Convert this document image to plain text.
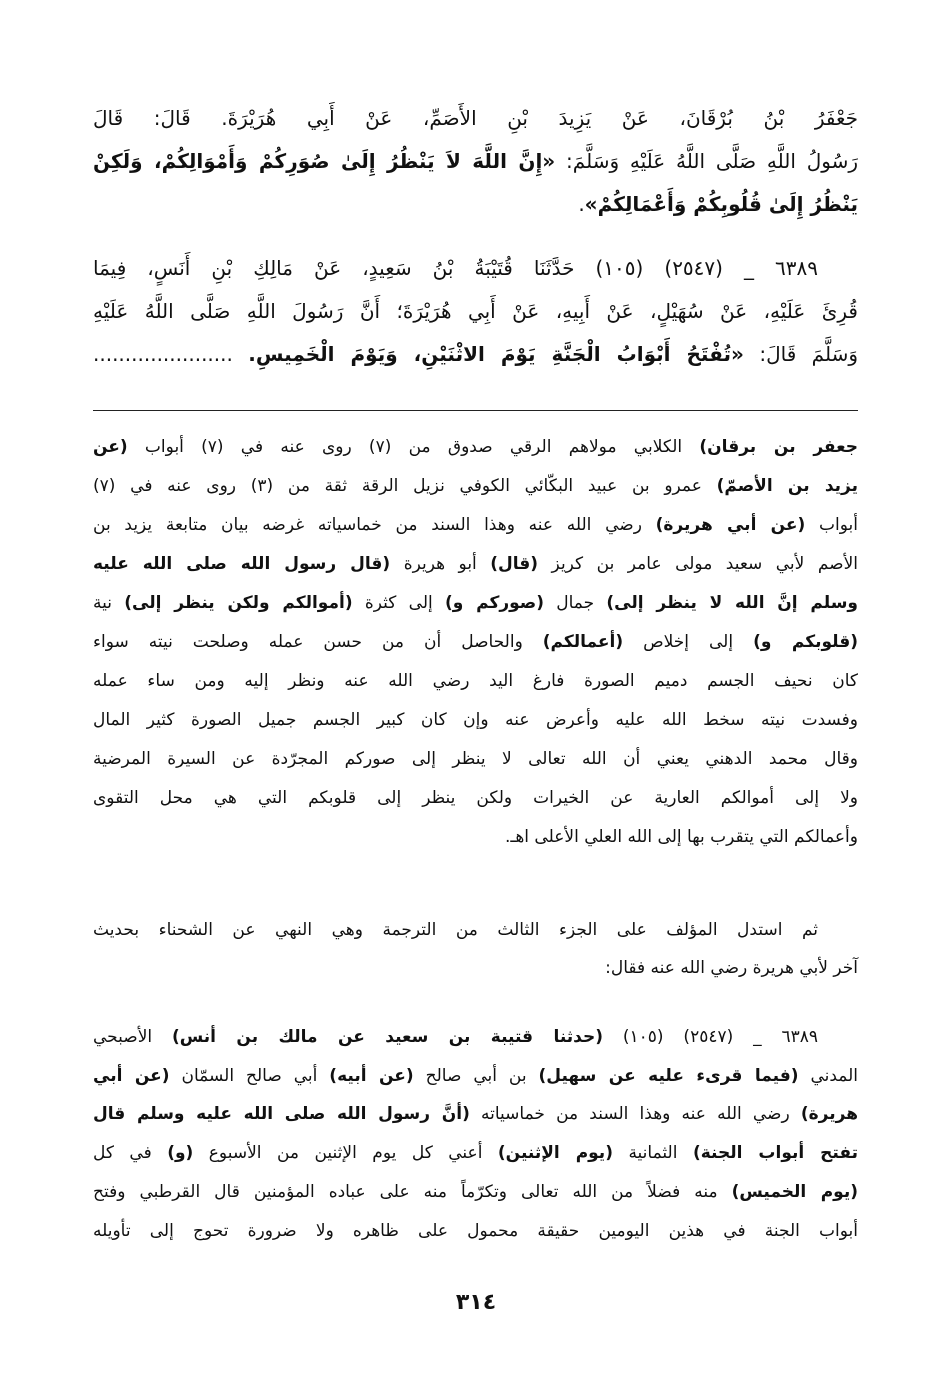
جَعْفَرُ بْنُ بُرْقَانَ، عَنْ يَزِيدَ بْنِ الأَصَمِّ، عَنْ أَبِي هُرَيْرَةَ. قَالَ: قَالَ
رَسُولُ اللَّهِ صَلَّى اللَّهُ عَلَيْهِ وَسَلَّمَ: «إِنَّ اللَّهَ لاَ يَنْظُرُ إِلَىٰ صُوَرِكُمْ وَأَمْوَالِكُمْ، وَلَكِنْ
يَنْظُرُ إِلَىٰ قُلُوبِكُمْ وَأَعْمَالِكُمْ».
٦٣٨٩ _ (٢٥٤٧) (١٠٥) حَدَّثَنَا قُتَيْبَةُ بْنُ سَعِيدٍ، عَنْ مَالِكِ بْنِ أَنَسٍ، فِيمَا
قُرِئَ عَلَيْهِ، عَنْ سُهَيْلٍ، عَنْ أَبِيهِ، عَنْ أَبِي هُرَيْرَةَ؛ أَنَّ رَسُولَ اللَّهِ صَلَّى اللَّهُ عَلَيْهِ
وَسَلَّمَ قَالَ: «تُفْتَحُ أَبْوَابُ الْجَنَّةِ يَوْمَ الاثْنَيْنِ، وَيَوْمَ الْخَمِيسِ. ......................
جعفر بن برقان) الكلابي مولاهم الرقي صدوق من (٧) روى عنه في (٧) أبواب (عن
يزيد بن الأصمّ) عمرو بن عبيد البكّائي الكوفي نزيل الرقة ثقة من (٣) روى عنه في (٧)
أبواب (عن أبي هريرة) رضي الله عنه وهذا السند من خماسياته غرضه بيان متابعة يزيد بن
الأصم لأبي سعيد مولى عامر بن كريز (قال) أبو هريرة (قال رسول الله صلى الله عليه
وسلم إنَّ الله لا ينظر إلى) جمال (صوركم و) إلى كثرة (أموالكم ولكن ينظر إلى) نية
(قلوبكم و) إلى إخلاص (أعمالكم) والحاصل أن من حسن عمله وصلحت نيته سواء
كان نحيف الجسم دميم الصورة فارغ اليد رضي الله عنه ونظر إليه ومن ساء عمله
وفسدت نيته سخط الله عليه وأعرض عنه وإن كان كبير الجسم جميل الصورة كثير المال
وقال محمد الدهني يعني أن الله تعالى لا ينظر إلى صوركم المجرّدة عن السيرة المرضية
ولا إلى أموالكم العارية عن الخيرات ولكن ينظر إلى قلوبكم التي هي محل التقوى
وأعمالكم التي يتقرب بها إلى الله العلي الأعلى اهـ.
ثم استدل المؤلف على الجزء الثالث من الترجمة وهي النهي عن الشحناء بحديث
آخر لأبي هريرة رضي الله عنه فقال:
٦٣٨٩ _ (٢٥٤٧) (١٠٥) (حدثنا قتيبة بن سعيد عن مالك بن أنس) الأصبحي
المدني (فيما قرىء عليه عن سهيل) بن أبي صالح (عن أبيه) أبي صالح السمّان (عن أبي
هريرة) رضي الله عنه وهذا السند من خماسياته (أنَّ رسول الله صلى الله عليه وسلم قال
تفتح أبواب الجنة) الثمانية (يوم الإثنين) أعني كل يوم الإثنين من الأسبوع (و) في كل
(يوم الخميس) منه فضلاً من الله تعالى وتكرّماً منه على عباده المؤمنين قال القرطبي وفتح
أبواب الجنة في هذين اليومين حقيقة محمول على ظاهره ولا ضرورة تحوج إلى تأويله
٣١٤
